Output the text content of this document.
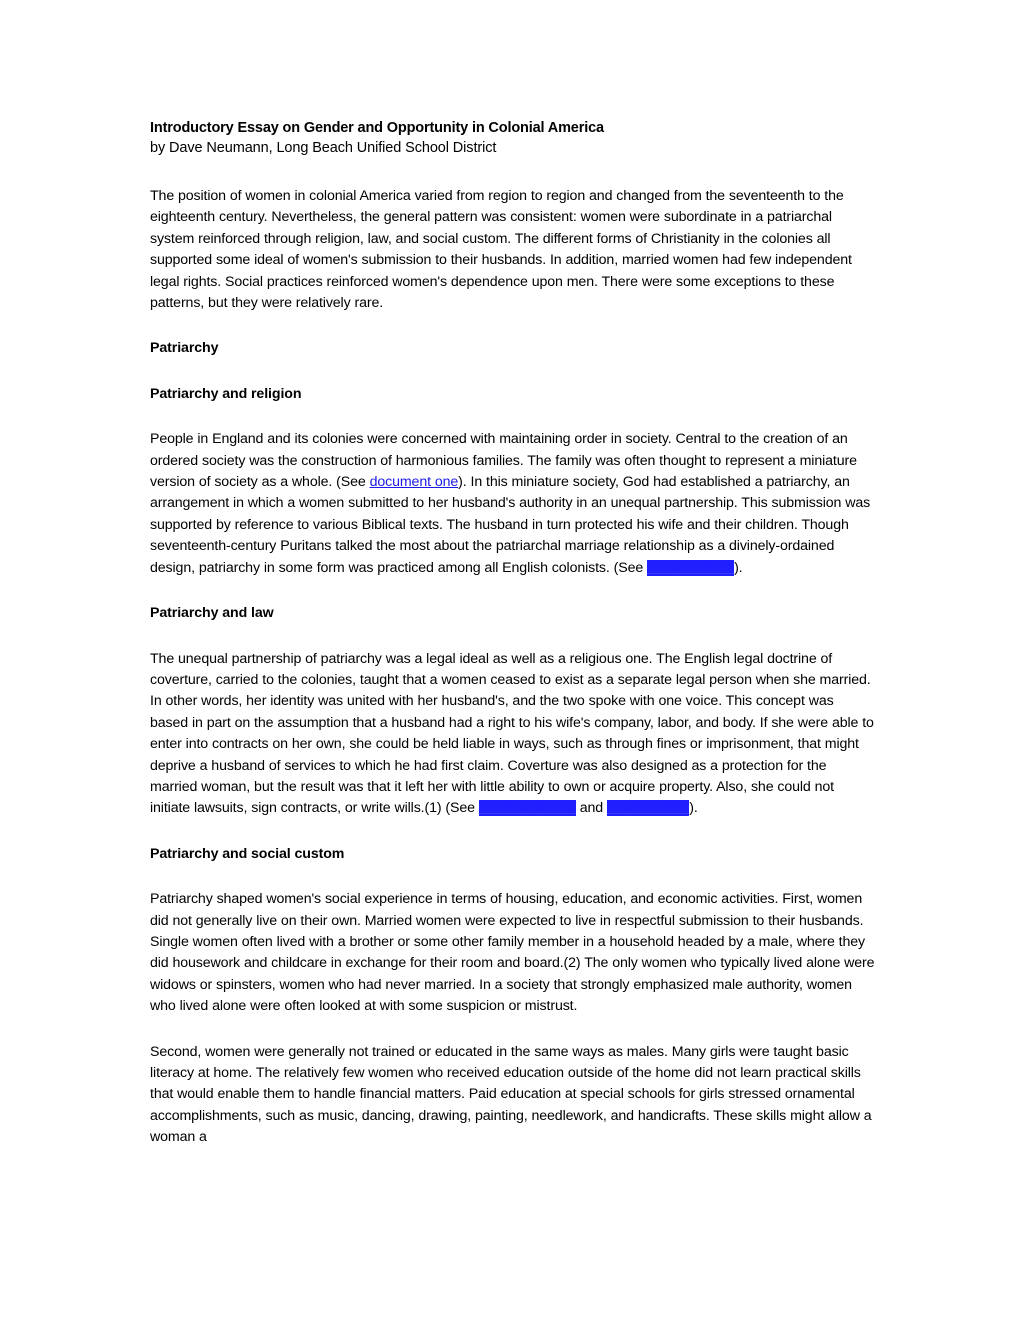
Introductory Essay on Gender and Opportunity in Colonial America
by Dave Neumann, Long Beach Unified School District

The position of women in colonial America varied from region to region and changed from the seventeenth to the eighteenth century. Nevertheless, the general pattern was consistent: women were subordinate in a patriarchal system reinforced through religion, law, and social custom. The different forms of Christianity in the colonies all supported some ideal of women's submission to their husbands. In addition, married women had few independent legal rights. Social practices reinforced women's dependence upon men. There were some exceptions to these patterns, but they were relatively rare.

Patriarchy
Patriarchy and religion

People in England and its colonies were concerned with maintaining order in society. Central to the creation of an ordered society was the construction of harmonious families. The family was often thought to represent a miniature version of society as a whole. (See document one). In this miniature society, God had established a patriarchy, an arrangement in which a women submitted to her husband's authority in an unequal partnership. This submission was supported by reference to various Biblical texts. The husband in turn protected his wife and their children. Though seventeenth-century Puritans talked the most about the patriarchal marriage relationship as a divinely-ordained design, patriarchy in some form was practiced among all English colonists. (See document two).

Patriarchy and law

The unequal partnership of patriarchy was a legal ideal as well as a religious one. The English legal doctrine of coverture, carried to the colonies, taught that a women ceased to exist as a separate legal person when she married. In other words, her identity was united with her husband's, and the two spoke with one voice. This concept was based in part on the assumption that a husband had a right to his wife's company, labor, and body. If she were able to enter into contracts on her own, she could be held liable in ways, such as through fines or imprisonment, that might deprive a husband of services to which he had first claim. Coverture was also designed as a protection for the married woman, but the result was that it left her with little ability to own or acquire property. Also, she could not initiate lawsuits, sign contracts, or write wills.(1) (See document three and document six).

Patriarchy and social custom

Patriarchy shaped women's social experience in terms of housing, education, and economic activities. First, women did not generally live on their own. Married women were expected to live in respectful submission to their husbands. Single women often lived with a brother or some other family member in a household headed by a male, where they did housework and childcare in exchange for their room and board.(2) The only women who typically lived alone were widows or spinsters, women who had never married. In a society that strongly emphasized male authority, women who lived alone were often looked at with some suspicion or mistrust.

Second, women were generally not trained or educated in the same ways as males. Many girls were taught basic literacy at home. The relatively few women who received education outside of the home did not learn practical skills that would enable them to handle financial matters. Paid education at special schools for girls stressed ornamental accomplishments, such as music, dancing, drawing, painting, needlework, and handicrafts. These skills might allow a woman a
